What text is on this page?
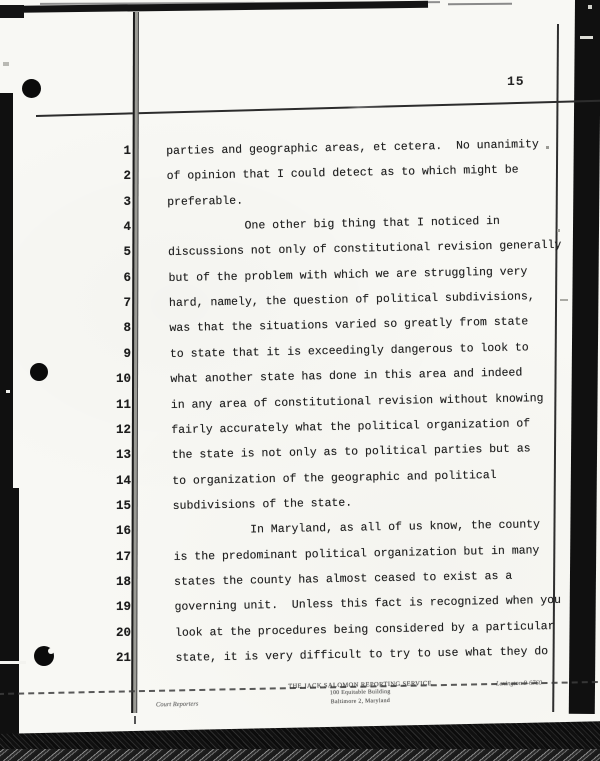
15
1
2
3
4
5
6
7
8
9
10
11
12
13
14
15
16
17
18
19
20
21
parties and geographic areas, et cetera.  No unanimity
of opinion that I could detect as to which might be
preferable.
One other big thing that I noticed in
discussions not only of constitutional revision generally
but of the problem with which we are struggling very
hard, namely, the question of political subdivisions,
was that the situations varied so greatly from state
to state that it is exceedingly dangerous to look to
what another state has done in this area and indeed
in any area of constitutional revision without knowing
fairly accurately what the political organization of
the state is not only as to political parties but as
to organization of the geographic and political
subdivisions of the state.
In Maryland, as all of us know, the county
is the predominant political organization but in many
states the county has almost ceased to exist as a
governing unit.  Unless this fact is recognized when you
look at the procedures being considered by a particular
state, it is very difficult to try to use what they do
Court Reporters
THE JACK SALOMON REPORTING SERVICE
100 Equitable Building
Baltimore 2, Maryland
Lexington 9-6760
